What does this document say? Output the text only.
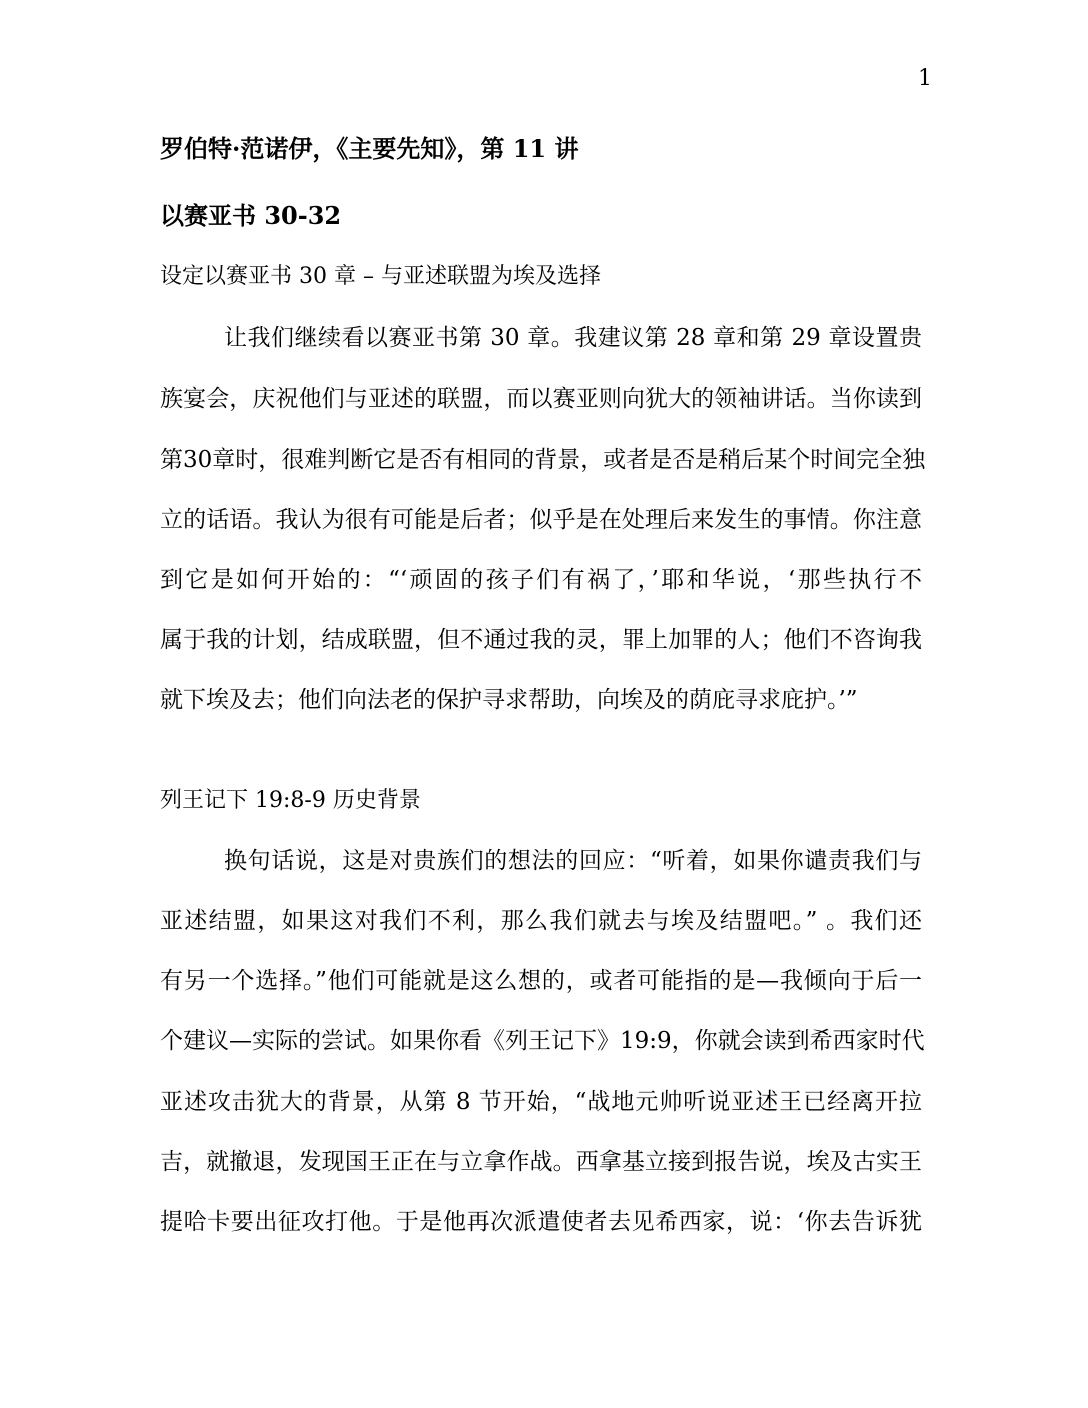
1
罗伯特·范诺伊，《主要先知》，第 11 讲
以赛亚书 30-32
设定以赛亚书 30 章 – 与亚述联盟为埃及选择
让我们继续看以赛亚书第 30 章。我建议第 28 章和第 29 章设置贵
族宴会，庆祝他们与亚述的联盟，而以赛亚则向犹大的领袖讲话。当你读到
第30章时，很难判断它是否有相同的背景，或者是否是稍后某个时间完全独
立的话语。我认为很有可能是后者；似乎是在处理后来发生的事情。你注意
到它是如何开始的：“‘顽固的孩子们有祸了，’耶和华说，‘那些执行不
属于我的计划，结成联盟，但不通过我的灵，罪上加罪的人；他们不咨询我
就下埃及去；他们向法老的保护寻求帮助，向埃及的荫庇寻求庇护。’”
列王记下 19:8-9 历史背景
换句话说，这是对贵族们的想法的回应：“听着，如果你谴责我们与
亚述结盟，如果这对我们不利，那么我们就去与埃及结盟吧。” 。我们还
有另一个选择。”他们可能就是这么想的，或者可能指的是—我倾向于后一
个建议—实际的尝试。如果你看《列王记下》19:9，你就会读到希西家时代
亚述攻击犹大的背景，从第 8 节开始，“战地元帅听说亚述王已经离开拉
吉，就撤退，发现国王正在与立拿作战。西拿基立接到报告说，埃及古实王
提哈卡要出征攻打他。于是他再次派遣使者去见希西家，说：‘你去告诉犹
